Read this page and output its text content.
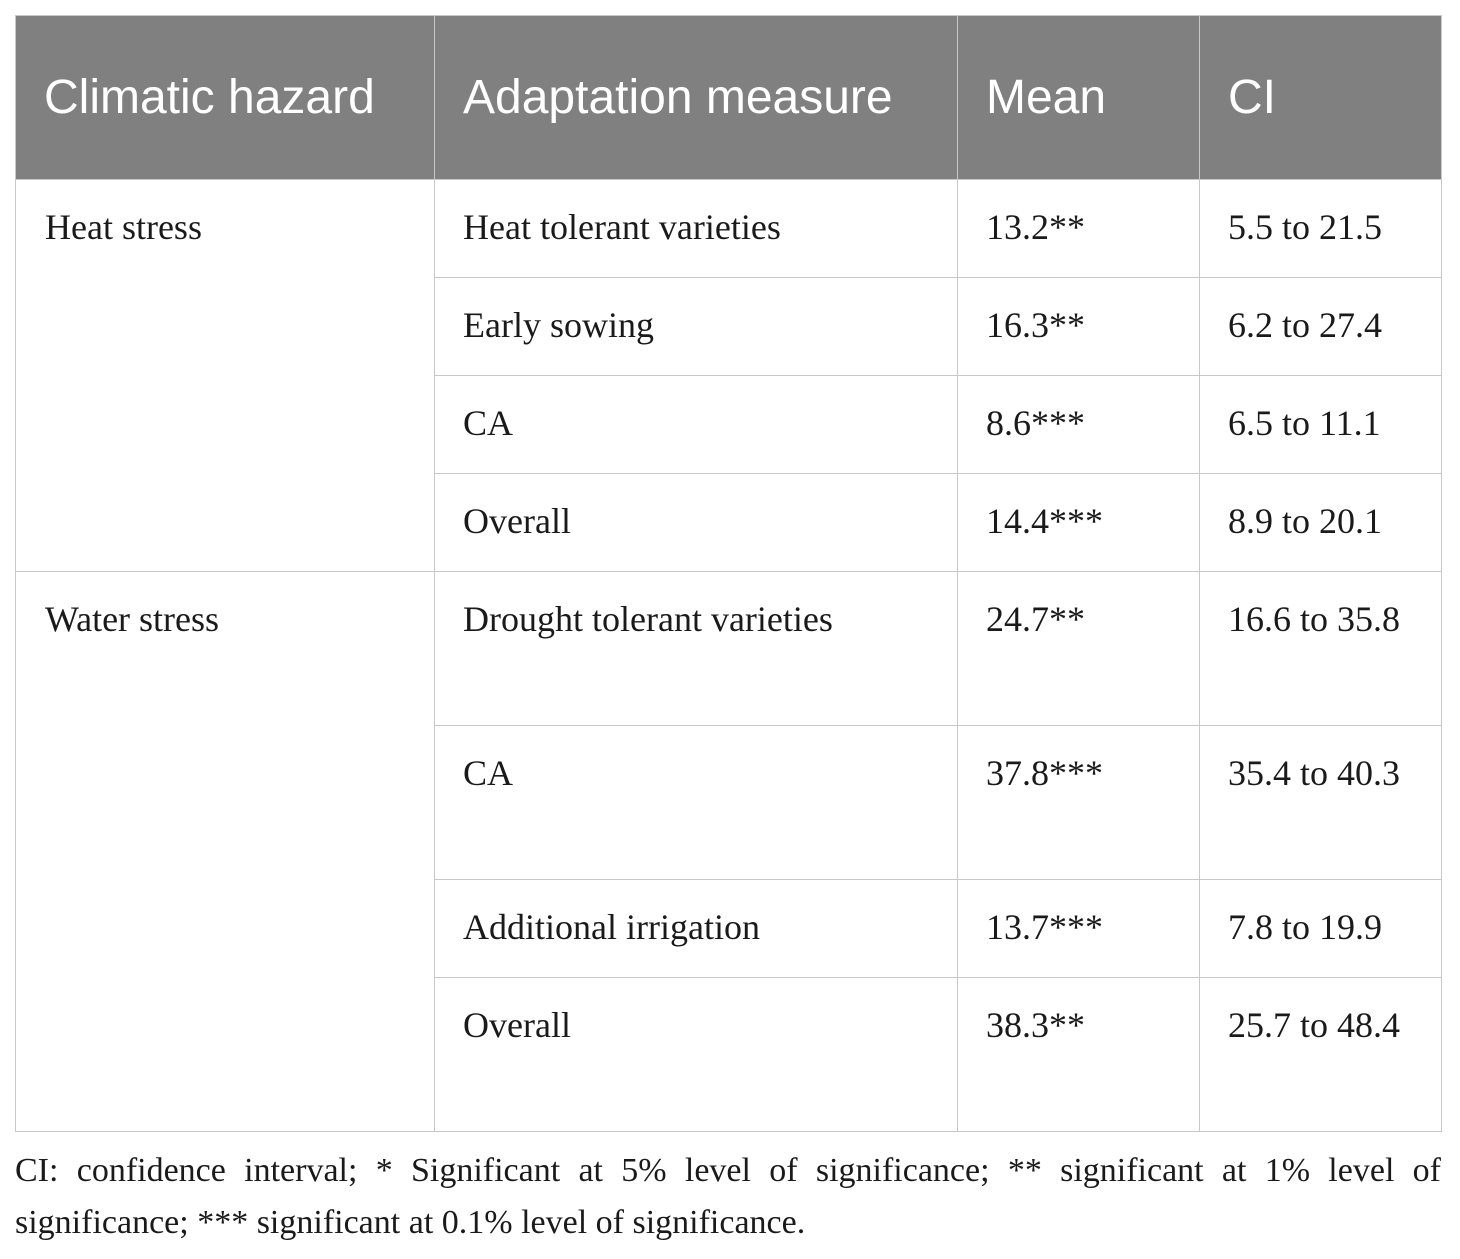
Climatic hazard	Adaptation measure	Mean	CI
Heat stress	Heat tolerant varieties	13.2**	5.5 to 21.5
	Early sowing	16.3**	6.2 to 27.4
	CA	8.6***	6.5 to 11.1
	Overall	14.4***	8.9 to 20.1
Water stress	Drought tolerant varieties	24.7**	16.6 to 35.8
	CA	37.8***	35.4 to 40.3
	Additional irrigation	13.7***	7.8 to 19.9
	Overall	38.3**	25.7 to 48.4
CI: confidence interval; * Significant at 5% level of significance; ** significant at 1% level of significance; *** significant at 0.1% level of significance.
